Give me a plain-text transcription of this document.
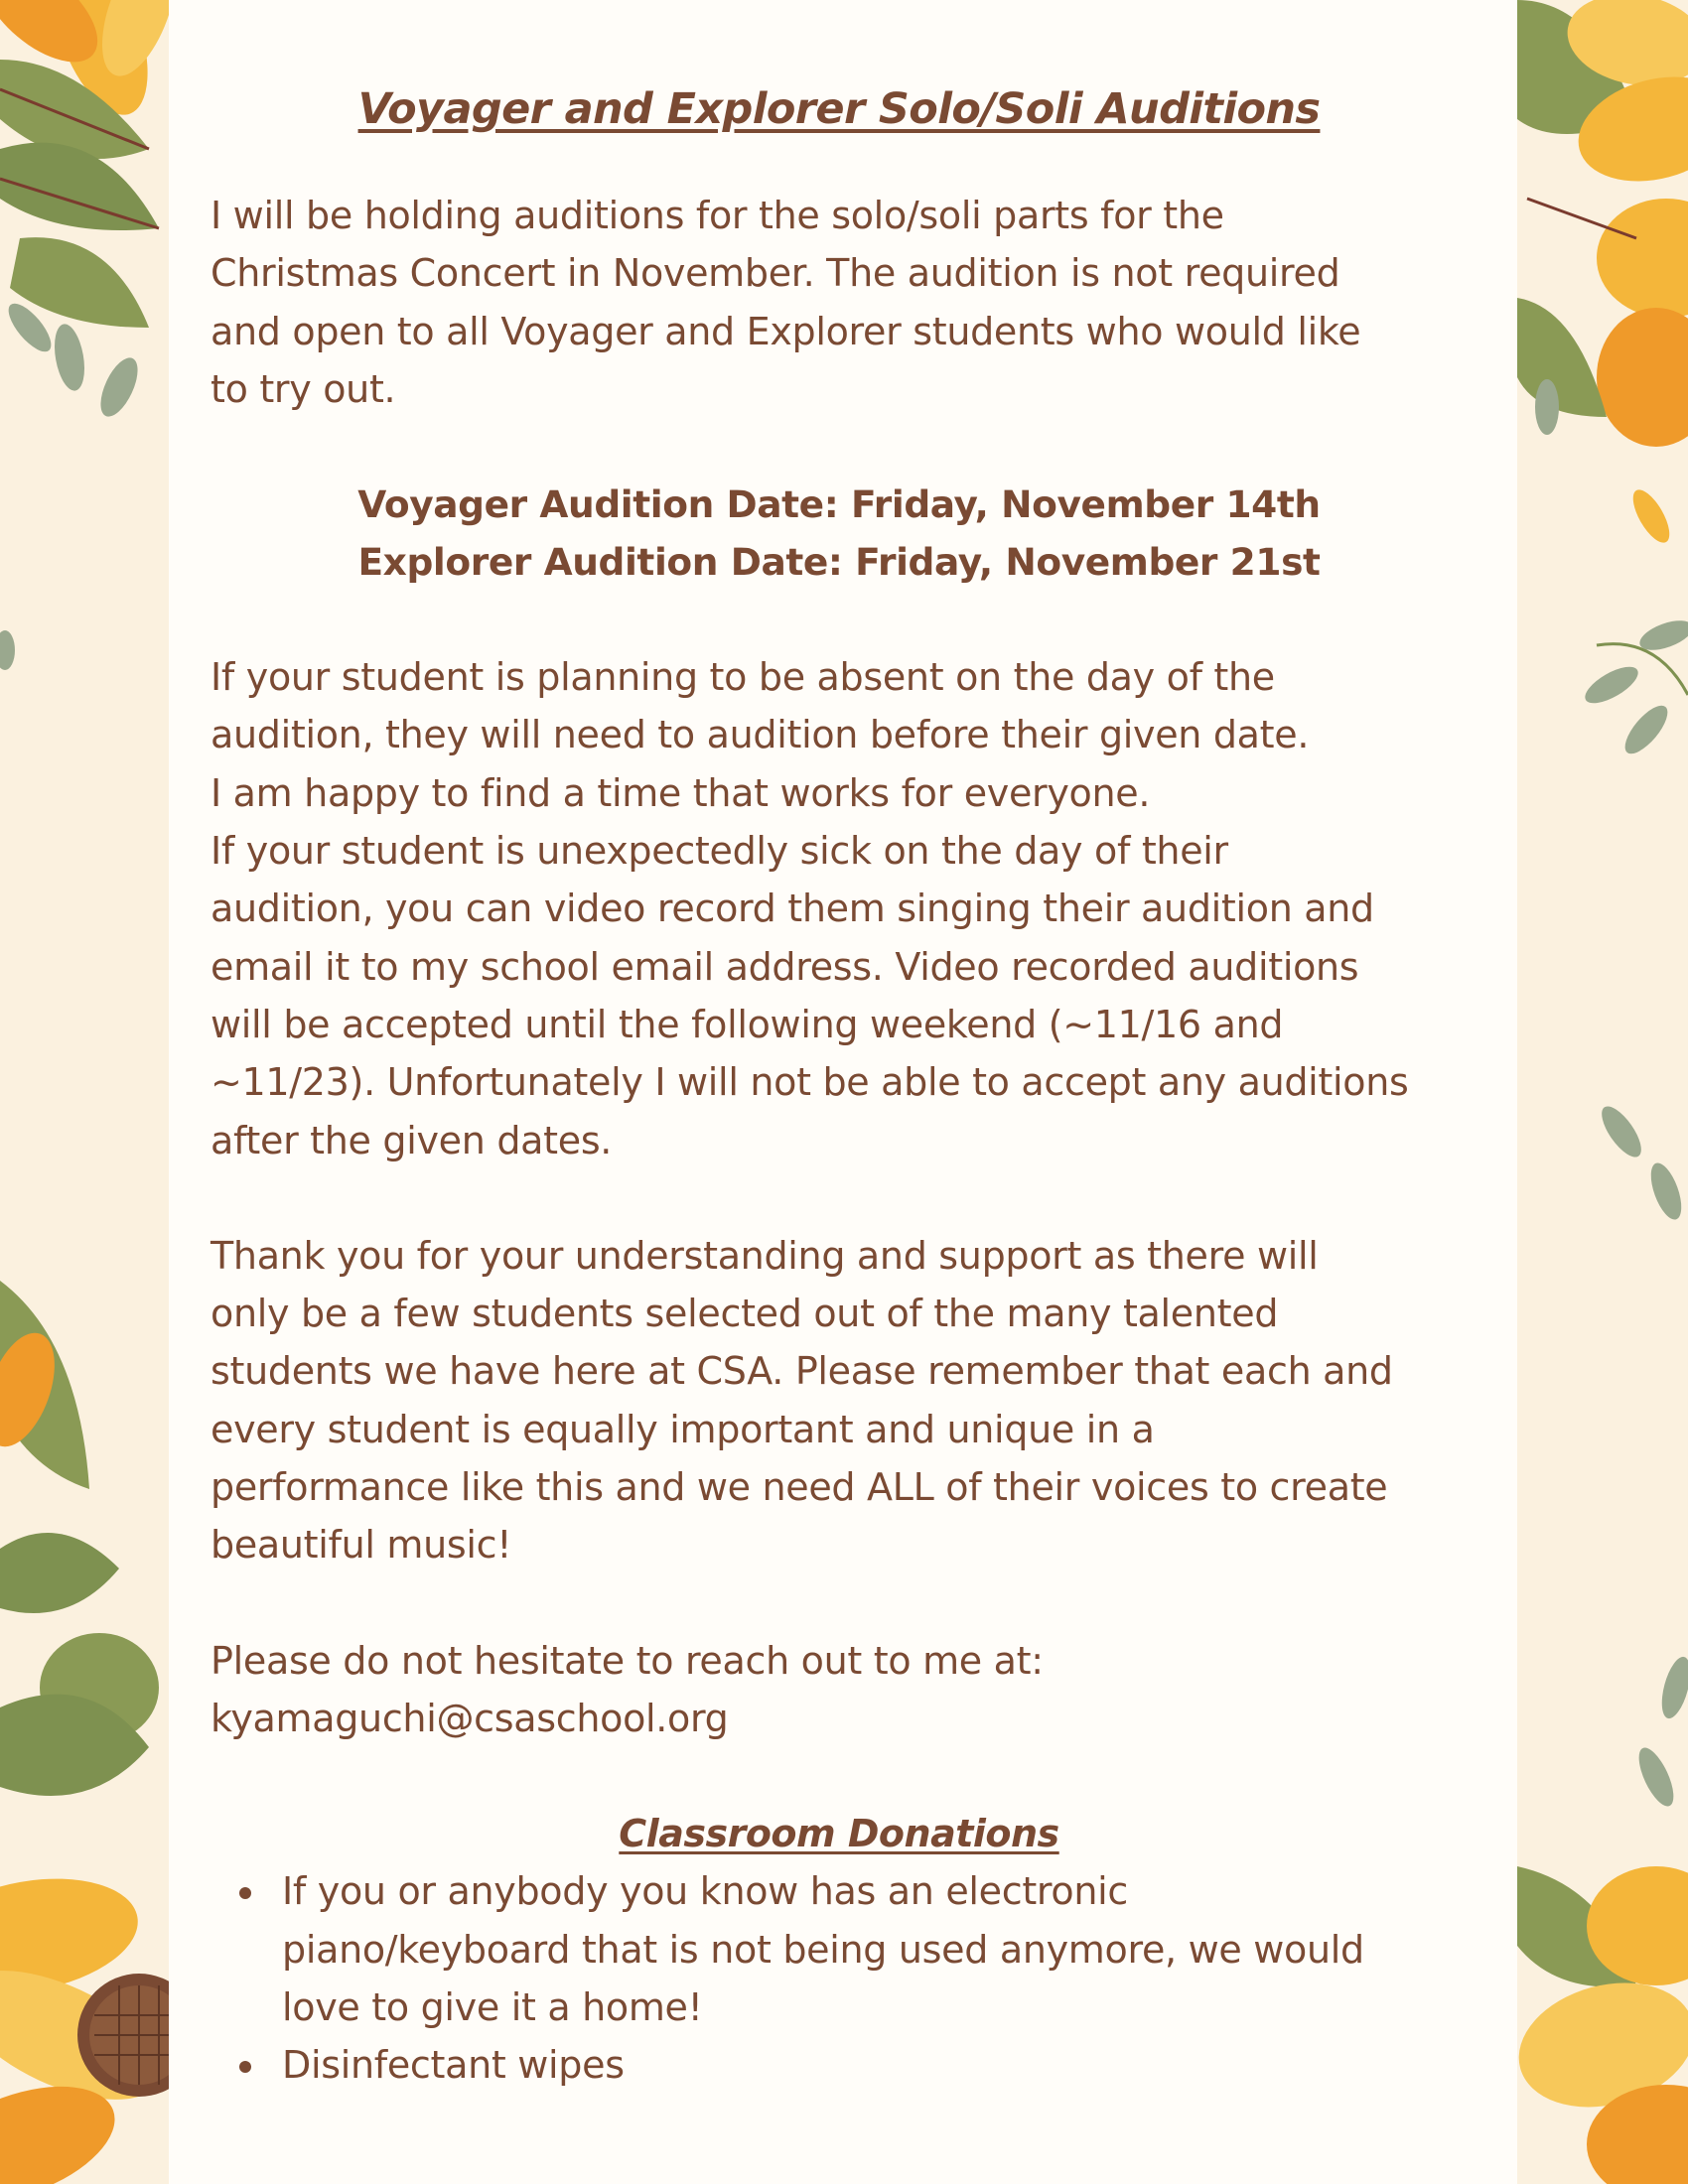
Voyager and Explorer Solo/Soli Auditions

I will be holding auditions for the solo/soli parts for the
Christmas Concert in November. The audition is not required
and open to all Voyager and Explorer students who would like
to try out.

Voyager Audition Date: Friday, November 14th
Explorer Audition Date: Friday, November 21st

If your student is planning to be absent on the day of the
audition, they will need to audition before their given date.
I am happy to find a time that works for everyone.
If your student is unexpectedly sick on the day of their
audition, you can video record them singing their audition and
email it to my school email address. Video recorded auditions
will be accepted until the following weekend (~11/16 and
~11/23). Unfortunately I will not be able to accept any auditions
after the given dates.

Thank you for your understanding and support as there will
only be a few students selected out of the many talented
students we have here at CSA. Please remember that each and
every student is equally important and unique in a
performance like this and we need ALL of their voices to create
beautiful music!

Please do not hesitate to reach out to me at:
kyamaguchi@csaschool.org

Classroom Donations
If you or anybody you know has an electronic
piano/keyboard that is not being used anymore, we would
love to give it a home!
Disinfectant wipes
